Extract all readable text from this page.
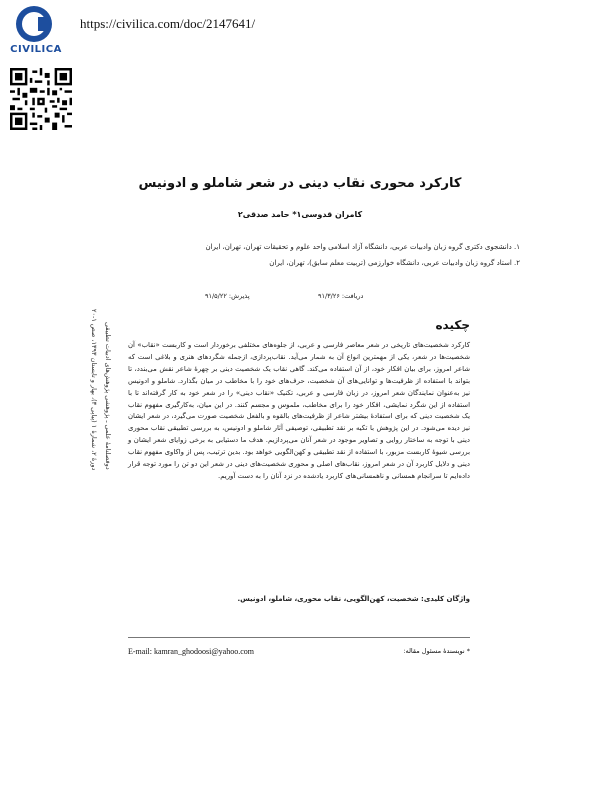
CIVILICA
https://civilica.com/doc/2147641/
کارکرد محوری نقاب دینی در شعر شاملو و ادونیس
کامران قدوسی۱* حامد صدقی۲
۱. دانشجوی دکتری گروه زبان وادبیات عربی، دانشگاه آزاد اسلامی واحد علوم و تحقیقات تهران، تهران، ایران
۲. استاد گروه زبان وادبیات عربی، دانشگاه خوارزمی (تربیت معلم سابق)، تهران، ایران
دریافت: ۹۱/۳/۲۶
پذیرش: ۹۱/۵/۲۲
دوفصلنامهٔ علمی ـ پژوهشی پژوهش‌های ادبیات تطبیقی
دورهٔ ۲، شمارهٔ ۱ (پیاپی ۳)، بهار و تابستان ۱۳۹۳، صص ۱-۲۰
چکیده
کارکرد شخصیت‌های تاریخی در شعر معاصر فارسی و عربی، از جلوه‌های مختلفی برخوردار است و کاربست «نقاب» آن شخصیت‌ها در شعر، یکی از مهمترین انواع آن به شمار می‌آید. نقاب‌پردازی، ازجمله شگردهای هنری و بلاغی است که شاعر امروز، برای بیان افکار خود، از آن استفاده می‌کند. گاهی نقاب یک شخصیت دینی بر چهرهٔ شاعر نقش می‌بندد، تا بتواند با استفاده از ظرفیت‌ها و توانایی‌های آن شخصیت، حرف‌های خود را با مخاطب در میان بگذارد. شاملو و ادونیس نیز به‌عنوان نمایندگان شعر امروز، در زبان فارسی و عربی، تکنیک «نقاب دینی» را در شعر خود به کار گرفته‌اند تا با استفاده از این شگرد نمایشی، افکار خود را برای مخاطب، ملموس و مجسم کنند. در این میان، به‌کارگیری مفهوم نقاب یک شخصیت دینی که برای استفادهٔ بیشتر شاعر از ظرفیت‌های بالقوه و بالفعل شخصیت صورت می‌گیرد، در شعر ایشان نیز دیده می‌شود. در این پژوهش با تکیه بر نقد تطبیقی، توصیفی آثار شاملو و ادونیس، به بررسی تطبیقی نقاب محوری دینی با توجه به ساختار روایی و تصاویر موجود در شعر آنان می‌پردازیم. هدف ما دستیابی به برخی زوایای شعر ایشان و بررسی شیوهٔ کاربست مزبور، با استفاده از نقد تطبیقی و کهن‌الگویی خواهد بود. بدین ترتیب، پس از واکاوی مفهوم نقاب دینی و دلایل کاربرد آن در شعر امروز، نقاب‌های اصلی و محوری شخصیت‌های دینی در شعر این دو تن را مورد توجه قرار داده‌ایم تا سرانجام همسانی و ناهمسانی‌های کاربرد یادشده در نزد آنان را به دست آوریم.
واژگان کلیدی: شخصیت، کهن‌الگویی، نقاب محوری، شاملو، ادونیس.
E-mail: kamran_ghodoosi@yahoo.com	* نویسندهٔ مسئول مقاله:
